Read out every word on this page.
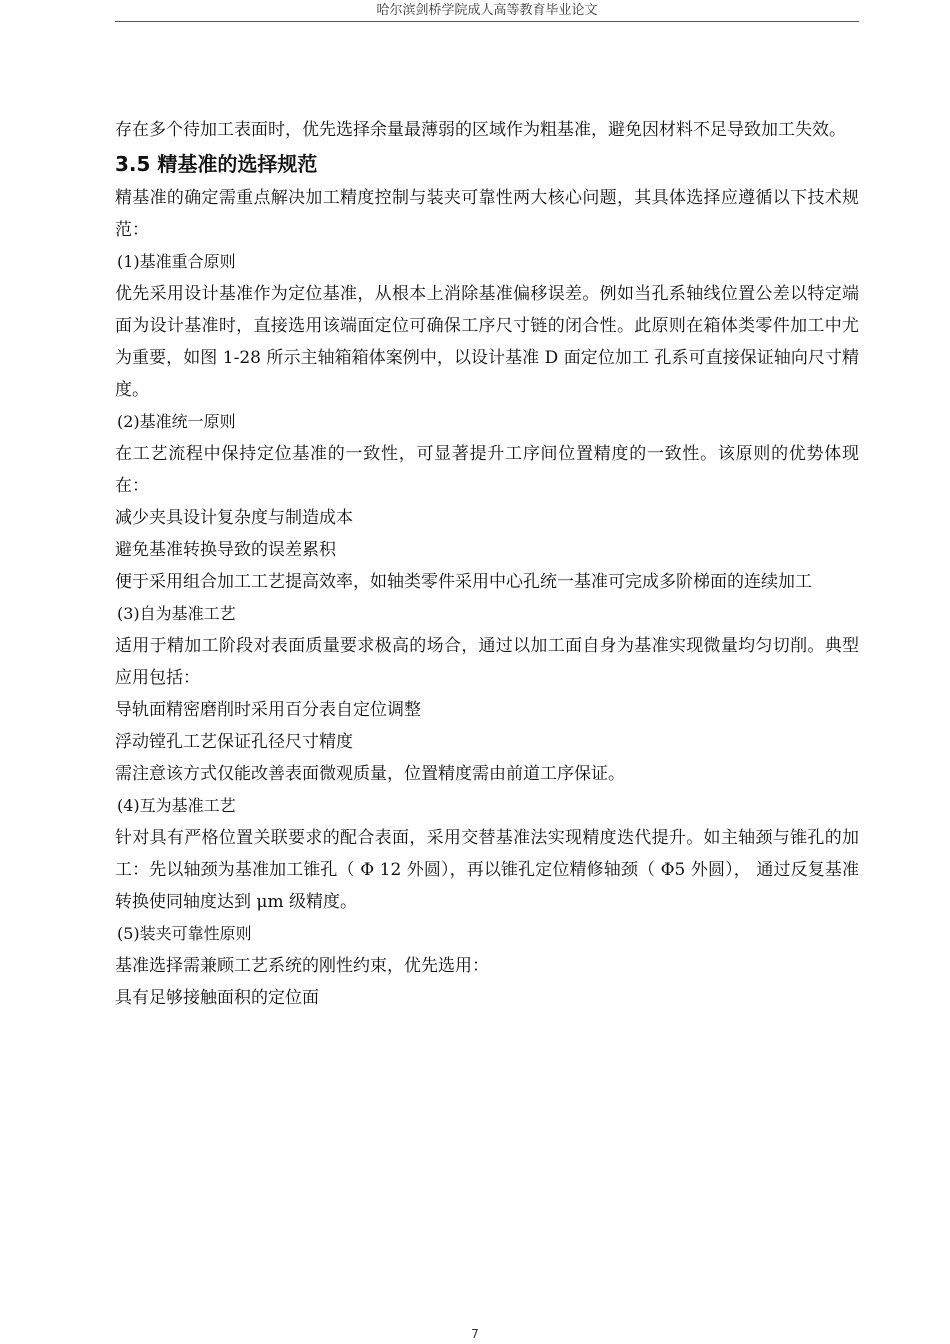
哈尔滨剑桥学院成人高等教育毕业论文

存在多个待加工表面时，优先选择余量最薄弱的区域作为粗基准，避免因材料不足导致加工失效。

3.5 精基准的选择规范

精基准的确定需重点解决加工精度控制与装夹可靠性两大核心问题，其具体选择应遵循以下技术规范：

(1)基准重合原则

优先采用设计基准作为定位基准，从根本上消除基准偏移误差。例如当孔系轴线位置公差以特定端面为设计基准时，直接选用该端面定位可确保工序尺寸链的闭合性。此原则在箱体类零件加工中尤为重要，如图 1-28 所示主轴箱箱体案例中，以设计基准 D 面定位加工 孔系可直接保证轴向尺寸精度。

(2)基准统一原则

在工艺流程中保持定位基准的一致性，可显著提升工序间位置精度的一致性。该原则的优势体现在：

减少夹具设计复杂度与制造成本

避免基准转换导致的误差累积

便于采用组合加工工艺提高效率，如轴类零件采用中心孔统一基准可完成多阶梯面的连续加工

(3)自为基准工艺

适用于精加工阶段对表面质量要求极高的场合，通过以加工面自身为基准实现微量均匀切削。典型应用包括：

导轨面精密磨削时采用百分表自定位调整

浮动镗孔工艺保证孔径尺寸精度

需注意该方式仅能改善表面微观质量，位置精度需由前道工序保证。

(4)互为基准工艺

针对具有严格位置关联要求的配合表面，采用交替基准法实现精度迭代提升。如主轴颈与锥孔的加工：先以轴颈为基准加工锥孔（ Φ 12 外圆），再以锥孔定位精修轴颈（ Φ5 外圆）， 通过反复基准转换使同轴度达到 μm 级精度。

(5)装夹可靠性原则

基准选择需兼顾工艺系统的刚性约束，优先选用：

具有足够接触面积的定位面

7
